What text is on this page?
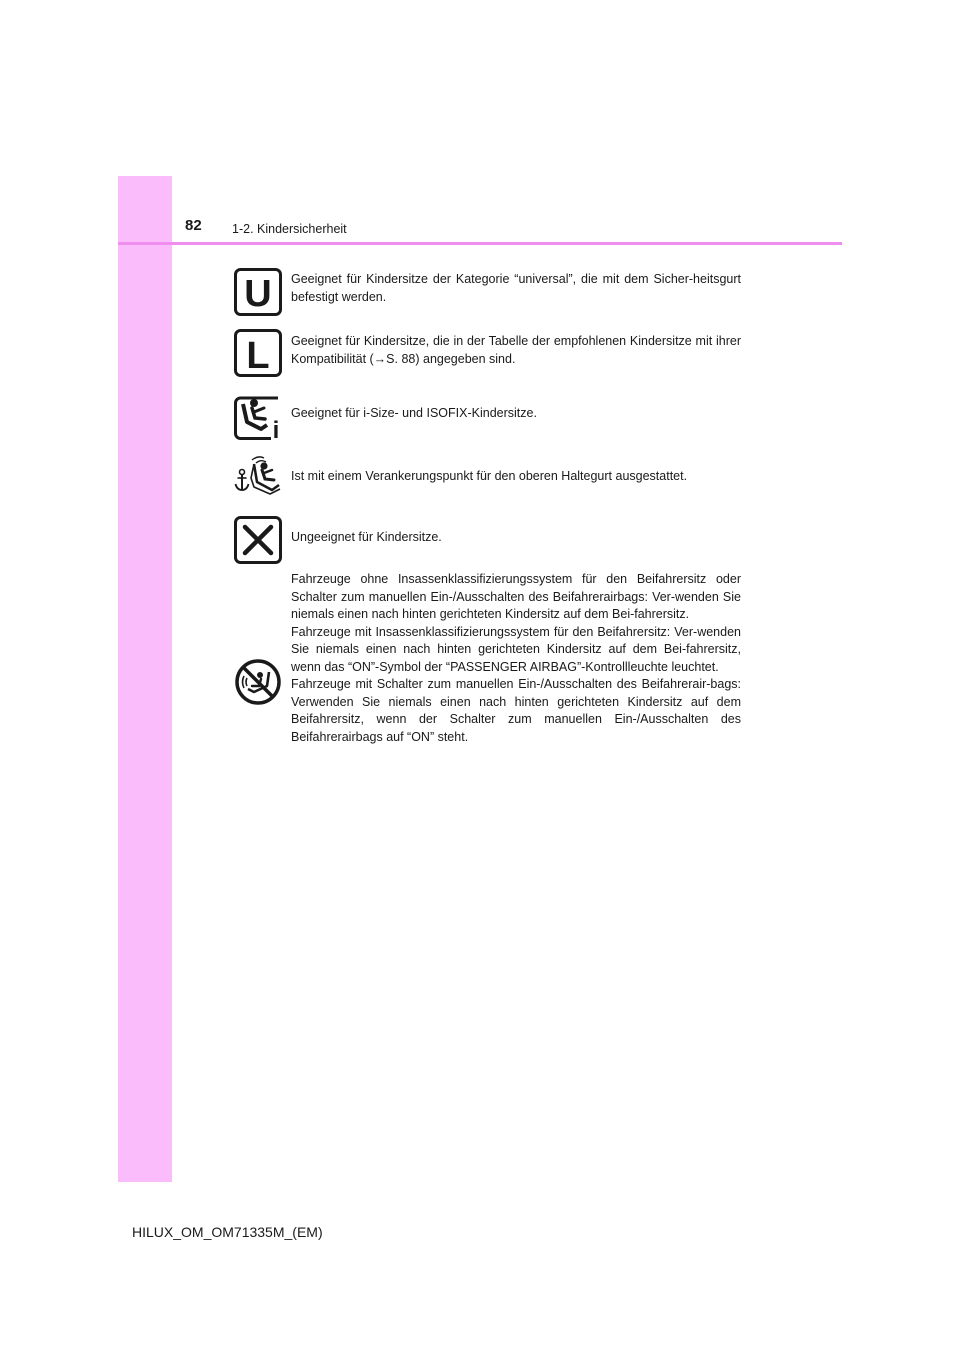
82 1-2. Kindersicherheit
U Geeignet für Kindersitze der Kategorie “universal”, die mit dem Sicher-heitsgurt befestigt werden.
L Geeignet für Kindersitze, die in der Tabelle der empfohlenen Kindersitze mit ihrer Kompatibilität (→S. 88) angegeben sind.
i
Geeignet für i-Size- und ISOFIX-Kindersitze.
Ist mit einem Verankerungspunkt für den oberen Haltegurt ausgestattet.
Ungeeignet für Kindersitze.

Fahrzeuge ohne Insassenklassifizierungssystem für den Beifahrersitz oder Schalter zum manuellen Ein-/Ausschalten des Beifahrerairbags: Ver-wenden Sie niemals einen nach hinten gerichteten Kindersitz auf dem Bei-fahrersitz.

Fahrzeuge mit Insassenklassifizierungssystem für den Beifahrersitz: Ver-wenden Sie niemals einen nach hinten gerichteten Kindersitz auf dem Bei-fahrersitz, wenn das “ON”-Symbol der “PASSENGER AIRBAG”-Kontrollleuchte leuchtet.

Fahrzeuge mit Schalter zum manuellen Ein-/Ausschalten des Beifahrerair-bags: Verwenden Sie niemals einen nach hinten gerichteten Kindersitz auf dem Beifahrersitz, wenn der Schalter zum manuellen Ein-/Ausschalten des Beifahrerairbags auf “ON” steht.

HILUX_OM_OM71335M_(EM)
